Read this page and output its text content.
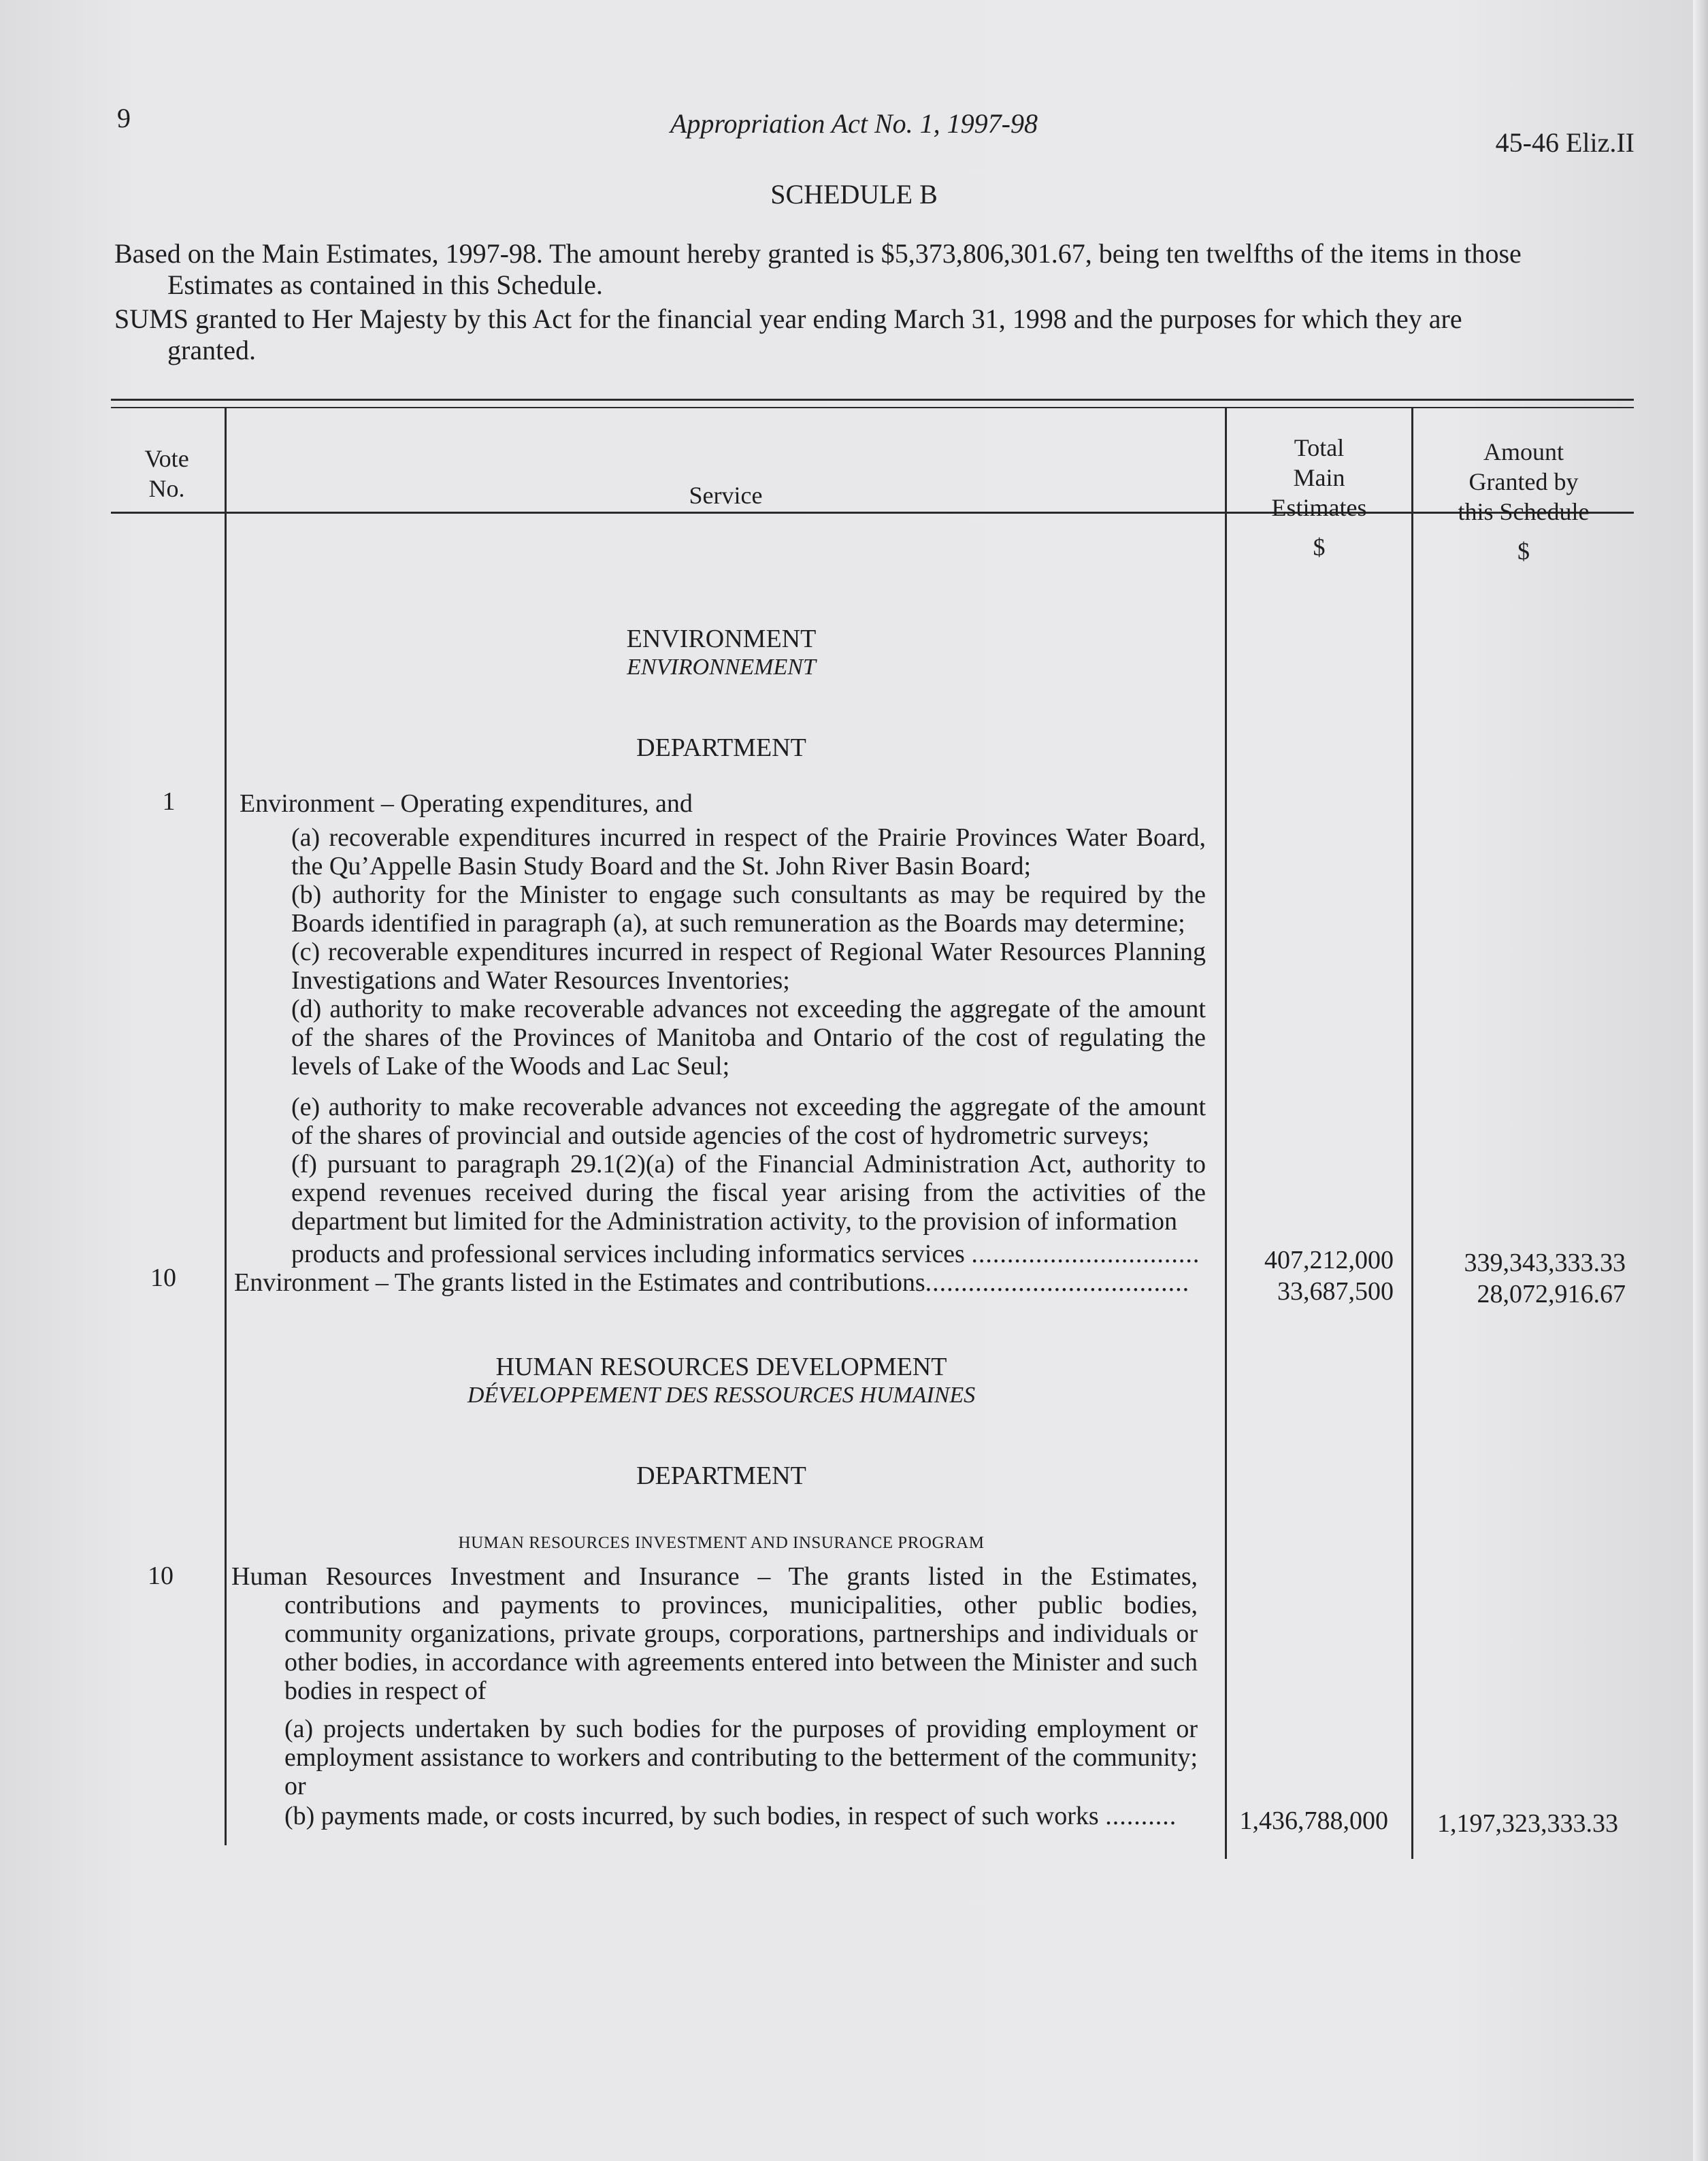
9	Appropriation Act No. 1, 1997-98
45-46 Eliz.II
SCHEDULE B
Based on the Main Estimates, 1997-98. The amount hereby granted is $5,373,806,301.67, being ten twelfths of the items in those
Estimates as contained in this Schedule.
SUMS granted to Her Majesty by this Act for the financial year ending March 31, 1998 and the purposes for which they are
granted.
Vote
No.	Service
Total
Main
Estimates
Amount
Granted by
this Schedule
$	$
ENVIRONMENT
ENVIRONNEMENT
DEPARTMENT
1	Environment – Operating expenditures, and
(a) recoverable expenditures incurred in respect of the Prairie Provinces Water Board, the Qu’Appelle Basin Study Board and the St. John River Basin Board;
(b) authority for the Minister to engage such consultants as may be required by the Boards identified in paragraph (a), at such remuneration as the Boards may determine;
(c) recoverable expenditures incurred in respect of Regional Water Resources Planning Investigations and Water Resources Inventories;
(d) authority to make recoverable advances not exceeding the aggregate of the amount of the shares of the Provinces of Manitoba and Ontario of the cost of regulating the levels of Lake of the Woods and Lac Seul;
(e) authority to make recoverable advances not exceeding the aggregate of the amount of the shares of provincial and outside agencies of the cost of hydrometric surveys;
(f) pursuant to paragraph 29.1(2)(a) of the Financial Administration Act, authority to expend revenues received during the fiscal year arising from the activities of the department but limited for the Administration activity, to the provision of information
products and professional services including informatics services ................................	407,212,000	339,343,333.33
10	Environment – The grants listed in the Estimates and contributions.....................................	33,687,500	28,072,916.67
HUMAN RESOURCES DEVELOPMENT
DÉVELOPPEMENT DES RESSOURCES HUMAINES
DEPARTMENT
HUMAN RESOURCES INVESTMENT AND INSURANCE PROGRAM
10	Human Resources Investment and Insurance – The grants listed in the Estimates, contributions and payments to provinces, municipalities, other public bodies, community organizations, private groups, corporations, partnerships and individuals or other bodies, in accordance with agreements entered into between the Minister and such bodies in respect of
(a) projects undertaken by such bodies for the purposes of providing employment or employment assistance to workers and contributing to the betterment of the community; or
(b) payments made, or costs incurred, by such bodies, in respect of such works ..........	1,436,788,000	1,197,323,333.33
